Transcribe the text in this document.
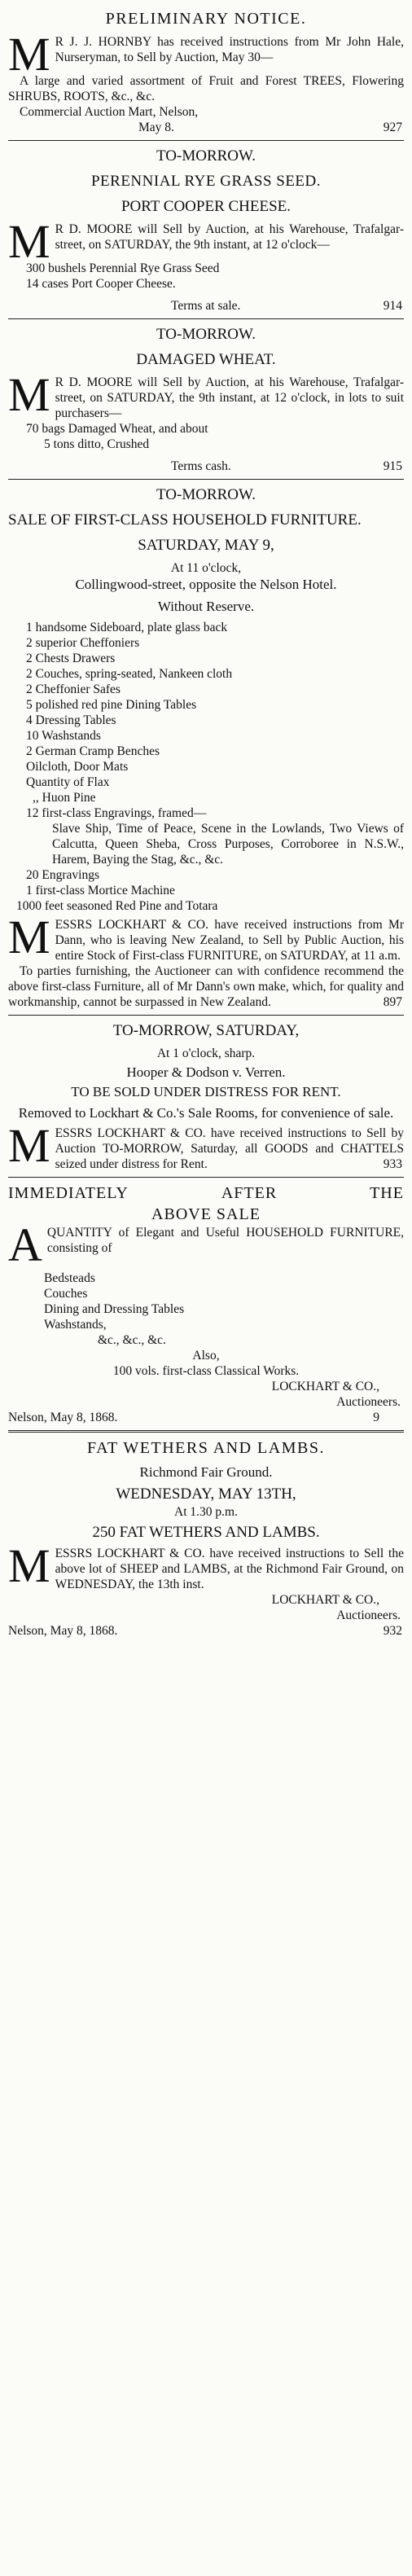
PRELIMINARY NOTICE.
M R J. J. HORNBY has received instructions from Mr John Hale, Nurseryman, to Sell by Auction, May 30—
A large and varied assortment of Fruit and Forest TREES, Flowering SHRUBS, ROOTS, &c., &c.
Commercial Auction Mart, Nelson,
May 8.	927
TO-MORROW.
PERENNIAL RYE GRASS SEED.
PORT COOPER CHEESE.
M R D. MOORE will Sell by Auction, at his Warehouse, Trafalgar-street, on SATURDAY, the 9th instant, at 12 o'clock—
300 bushels Perennial Rye Grass Seed
14 cases Port Cooper Cheese.
Terms at sale.	914
TO-MORROW.
DAMAGED WHEAT.
M R D. MOORE will Sell by Auction, at his Warehouse, Trafalgar-street, on SATURDAY, the 9th instant, at 12 o'clock, in lots to suit purchasers—
70 bags Damaged Wheat, and about
5 tons ditto, Crushed
Terms cash.	915
TO-MORROW.
SALE OF FIRST-CLASS HOUSEHOLD FURNITURE.
SATURDAY, MAY 9,
At 11 o'clock,
Collingwood-street, opposite the Nelson Hotel.
Without Reserve.
1 handsome Sideboard, plate glass back
2 superior Cheffoniers
2 Chests Drawers
2 Couches, spring-seated, Nankeen cloth
2 Cheffonier Safes
5 polished red pine Dining Tables
4 Dressing Tables
10 Washstands
2 German Cramp Benches
Oilcloth, Door Mats
Quantity of Flax
,, Huon Pine
12 first-class Engravings, framed—
Slave Ship, Time of Peace, Scene in the Lowlands, Two Views of Calcutta, Queen Sheba, Cross Purposes, Corroboree in N.S.W., Harem, Baying the Stag, &c., &c.
20 Engravings
1 first-class Mortice Machine
1000 feet seasoned Red Pine and Totara
MESSRS LOCKHART & CO. have received instructions from Mr Dann, who is leaving New Zealand, to Sell by Public Auction, his entire Stock of First-class FURNITURE, on SATURDAY, at 11 a.m.
To parties furnishing, the Auctioneer can with confidence recommend the above first-class Furniture, all of Mr Dann's own make, which, for quality and workmanship, cannot be surpassed in New Zealand.	897
TO-MORROW, SATURDAY,
At 1 o'clock, sharp.
Hooper & Dodson v. Verren.
TO BE SOLD UNDER DISTRESS FOR RENT.
Removed to Lockhart & Co.'s Sale Rooms, for convenience of sale.
MESSRS LOCKHART & CO. have received instructions to Sell by Auction TO-MORROW, Saturday, all GOODS and CHATTELS seized under distress for Rent.	933
IMMEDIATELY	AFTER	THE
ABOVE SALE
AQUANTITY of Elegant and Useful HOUSEHOLD FURNITURE, consisting of
Bedsteads
Couches
Dining and Dressing Tables
Washstands,
&c., &c., &c.
Also,
100 vols. first-class Classical Works.
LOCKHART & CO.,
Auctioneers.
Nelson, May 8, 1868.	9
FAT WETHERS AND LAMBS.
Richmond Fair Ground.
WEDNESDAY, MAY 13TH,
At 1.30 p.m.
250 FAT WETHERS AND LAMBS.
MESSRS LOCKHART & CO. have received instructions to Sell the above lot of SHEEP and LAMBS, at the Richmond Fair Ground, on WEDNESDAY, the 13th inst.
LOCKHART & CO.,
Auctioneers.
Nelson, May 8, 1868.	932
